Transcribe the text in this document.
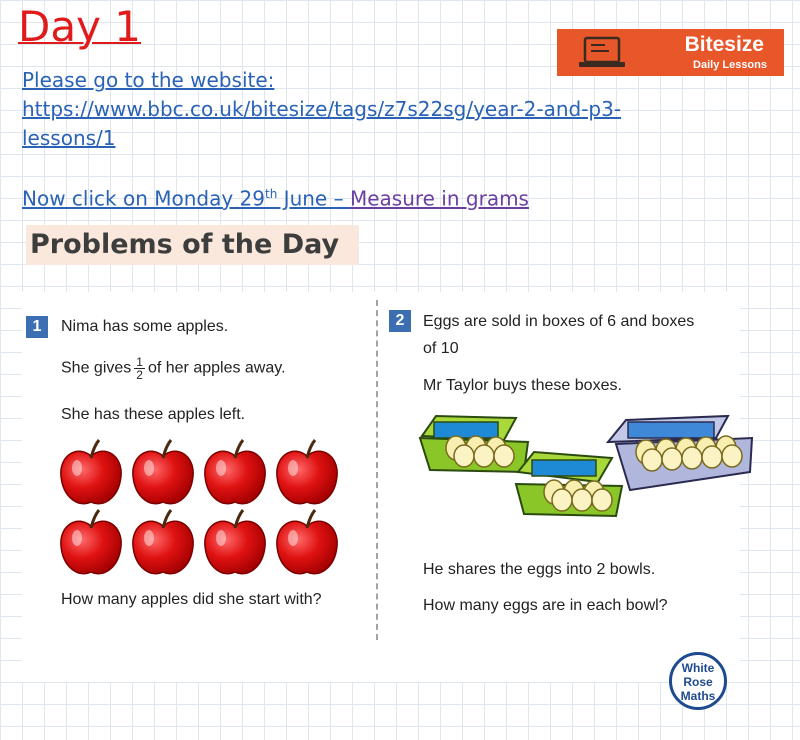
Day 1	Bitesize
Daily Lessons
Please go to the website:
https://www.bbc.co.uk/bitesize/tags/z7s22sg/year-2-and-p3-
lessons/1
Now click on Monday 29th June – Measure in grams
Problems of the Day
1	Nima has some apples.
She gives $\frac{1}{2}$ of her apples away.
She has these apples left.
How many apples did she start with?
2	Eggs are sold in boxes of 6 and boxes
of 10
Mr Taylor buys these boxes.
He shares the eggs into 2 bowls.
How many eggs are in each bowl?
White
Rose
Maths
